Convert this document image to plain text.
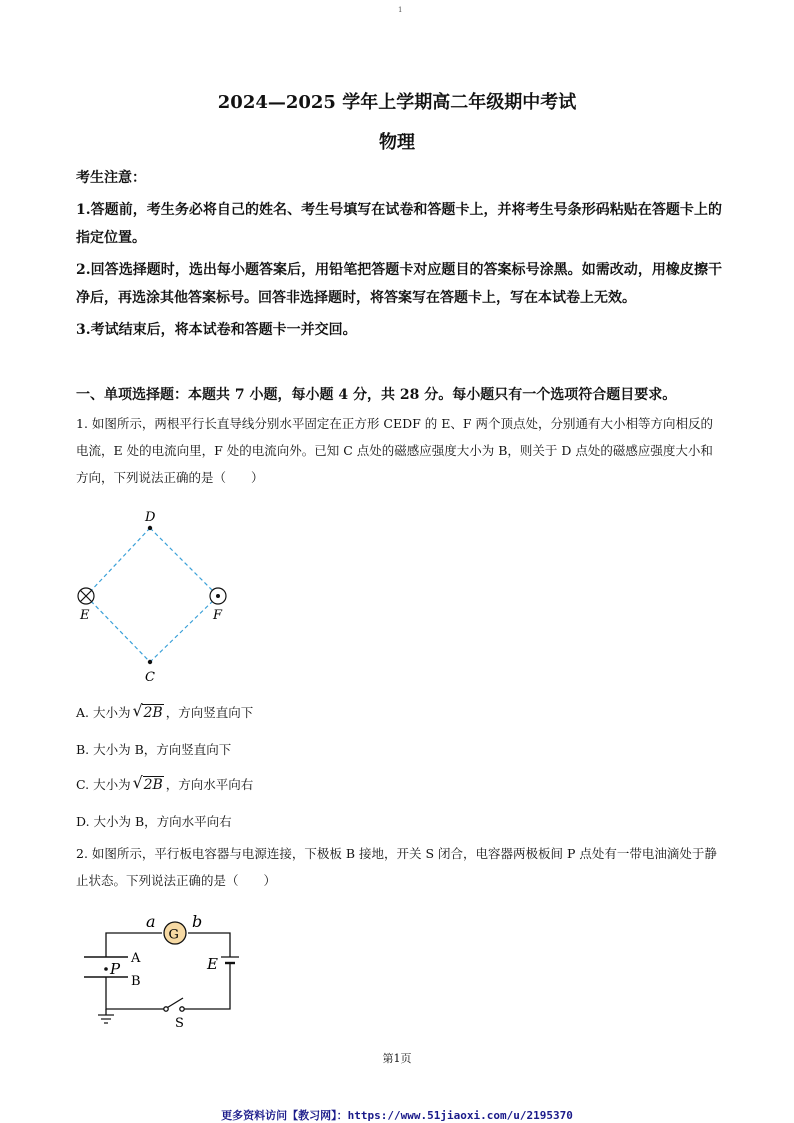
1
2024—2025 学年上学期高二年级期中考试
物理
考生注意：
1.答题前，考生务必将自己的姓名、考生号填写在试卷和答题卡上，并将考生号条形码粘贴在答题卡上的指定位置。
2.回答选择题时，选出每小题答案后，用铅笔把答题卡对应题目的答案标号涂黑。如需改动，用橡皮擦干净后，再选涂其他答案标号。回答非选择题时，将答案写在答题卡上，写在本试卷上无效。
3.考试结束后，将本试卷和答题卡一并交回。
一、单项选择题：本题共 7 小题，每小题 4 分，共 28 分。每小题只有一个选项符合题目要求。
1. 如图所示，两根平行长直导线分别水平固定在正方形 CEDF 的 E、F 两个顶点处，分别通有大小相等方向相反的电流，E 处的电流向里，F 处的电流向外。已知 C 点处的磁感应强度大小为 B，则关于 D 点处的磁感应强度大小和方向，下列说法正确的是（　　）
D
E	F
C
A. 大小为 √ 2B ，方向竖直向下
B. 大小为 B，方向竖直向下
C. 大小为 √ 2B ，方向水平向右
D. 大小为 B，方向水平向右
2. 如图所示，平行板电容器与电源连接，下极板 B 接地，开关 S 闭合，电容器两极板间 P 点处有一带电油滴处于静止状态。下列说法正确的是（　　）
G
a b
A
P
B
E
S
第1页
更多资料访问【教习网】：https://www.51jiaoxi.com/u/2195370
